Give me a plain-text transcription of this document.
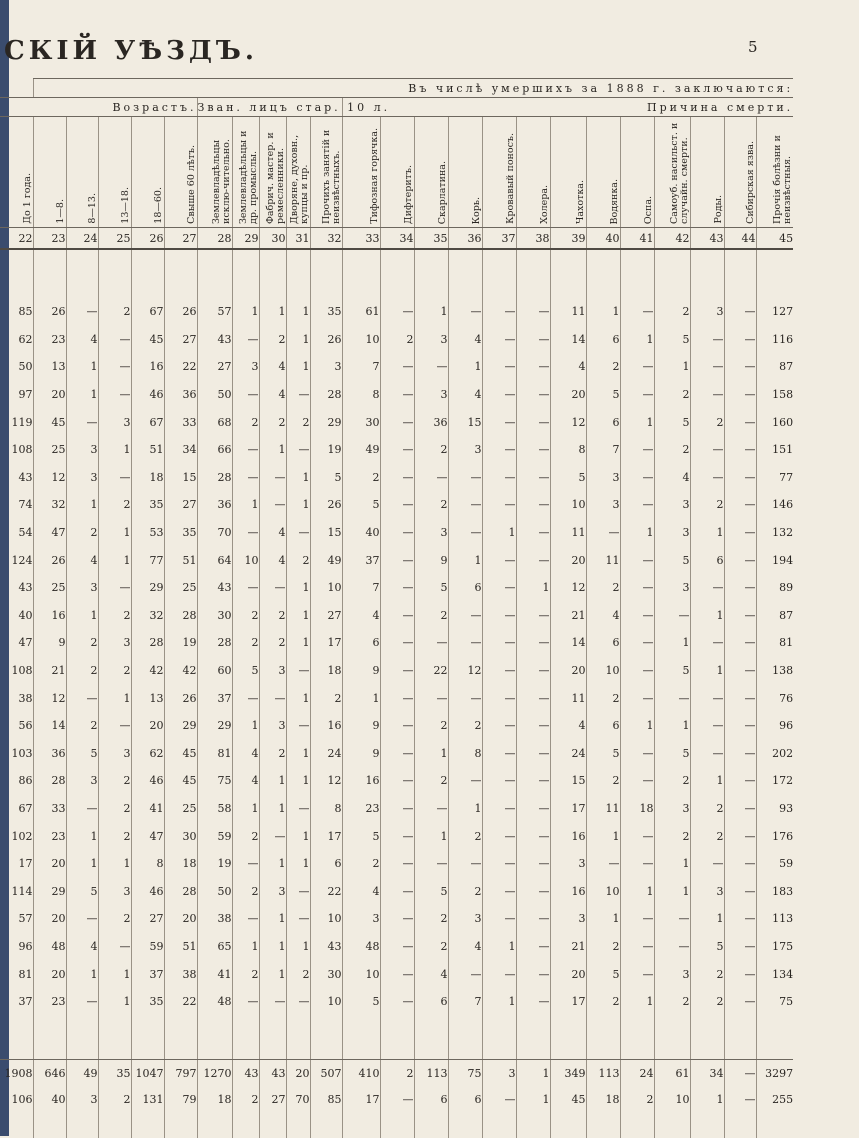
СКІЙ УѢЗДЪ.	5
	Въ числѣ умершихъ за 1888 г. заключаются:																						
Возрастъ.						Зван. лицъ стар. 10 л.					Причина смерти.												
До 1 года.	1—8.	8—13.	13—18.	18—60.	Свыше 60 лѣтъ.	Землевладѣльцы исклю-чительно.	Землевладѣльцы и др. промыслы.	Фабрич. мастер. и ремесленники.	Дворяне, духовн., купцы и пр.	Прочихъ занятій и неизвѣстныхъ.	Тифозная горячка.	Дифтеритъ.	Скарлатина.	Корь.	Кровавый поносъ.	Холера.	Чахотка.	Водянка.	Оспа.	Самоуб. насильст. и случайн. смерти.	Роды.	Сибирская язва.	Прочія болѣзни и неизвѣстныя.
22	23	24	25	26	27	28	29	30	31	32	33	34	35	36	37	38	39	40	41	42	43	44	45

85	26	—	2	67	26	57	1	1	1	35	61	—	1	—	—	—	11	1	—	2	3	—	127
62	23	4	—	45	27	43	—	2	1	26	10	2	3	4	—	—	14	6	1	5	—	—	116
50	13	1	—	16	22	27	3	4	1	3	7	—	—	1	—	—	4	2	—	1	—	—	87
97	20	1	—	46	36	50	—	4	—	28	8	—	3	4	—	—	20	5	—	2	—	—	158
119	45	—	3	67	33	68	2	2	2	29	30	—	36	15	—	—	12	6	1	5	2	—	160
108	25	3	1	51	34	66	—	1	—	19	49	—	2	3	—	—	8	7	—	2	—	—	151
43	12	3	—	18	15	28	—	—	1	5	2	—	—	—	—	—	5	3	—	4	—	—	77
74	32	1	2	35	27	36	1	—	1	26	5	—	2	—	—	—	10	3	—	3	2	—	146
54	47	2	1	53	35	70	—	4	—	15	40	—	3	—	1	—	11	—	1	3	1	—	132
124	26	4	1	77	51	64	10	4	2	49	37	—	9	1	—	—	20	11	—	5	6	—	194
43	25	3	—	29	25	43	—	—	1	10	7	—	5	6	—	1	12	2	—	3	—	—	89
40	16	1	2	32	28	30	2	2	1	27	4	—	2	—	—	—	21	4	—	—	1	—	87
47	9	2	3	28	19	28	2	2	1	17	6	—	—	—	—	—	14	6	—	1	—	—	81
108	21	2	2	42	42	60	5	3	—	18	9	—	22	12	—	—	20	10	—	5	1	—	138
38	12	—	1	13	26	37	—	—	1	2	1	—	—	—	—	—	11	2	—	—	—	—	76
56	14	2	—	20	29	29	1	3	—	16	9	—	2	2	—	—	4	6	1	1	—	—	96
103	36	5	3	62	45	81	4	2	1	24	9	—	1	8	—	—	24	5	—	5	—	—	202
86	28	3	2	46	45	75	4	1	1	12	16	—	2	—	—	—	15	2	—	2	1	—	172
67	33	—	2	41	25	58	1	1	—	8	23	—	—	1	—	—	17	11	18	3	2	—	93
102	23	1	2	47	30	59	2	—	1	17	5	—	1	2	—	—	16	1	—	2	2	—	176
17	20	1	1	8	18	19	—	1	1	6	2	—	—	—	—	—	3	—	—	1	—	—	59
114	29	5	3	46	28	50	2	3	—	22	4	—	5	2	—	—	16	10	1	1	3	—	183
57	20	—	2	27	20	38	—	1	—	10	3	—	2	3	—	—	3	1	—	—	1	—	113
96	48	4	—	59	51	65	1	1	1	43	48	—	2	4	1	—	21	2	—	—	5	—	175
81	20	1	1	37	38	41	2	1	2	30	10	—	4	—	—	—	20	5	—	3	2	—	134
37	23	—	1	35	22	48	—	—	—	10	5	—	6	7	1	—	17	2	1	2	2	—	75

1908	646	49	35	1047	797	1270	43	43	20	507	410	2	113	75	3	1	349	113	24	61	34	—	3297
106	40	3	2	131	79	18	2	27	70	85	17	—	6	6	—	1	45	18	2	10	1	—	255
